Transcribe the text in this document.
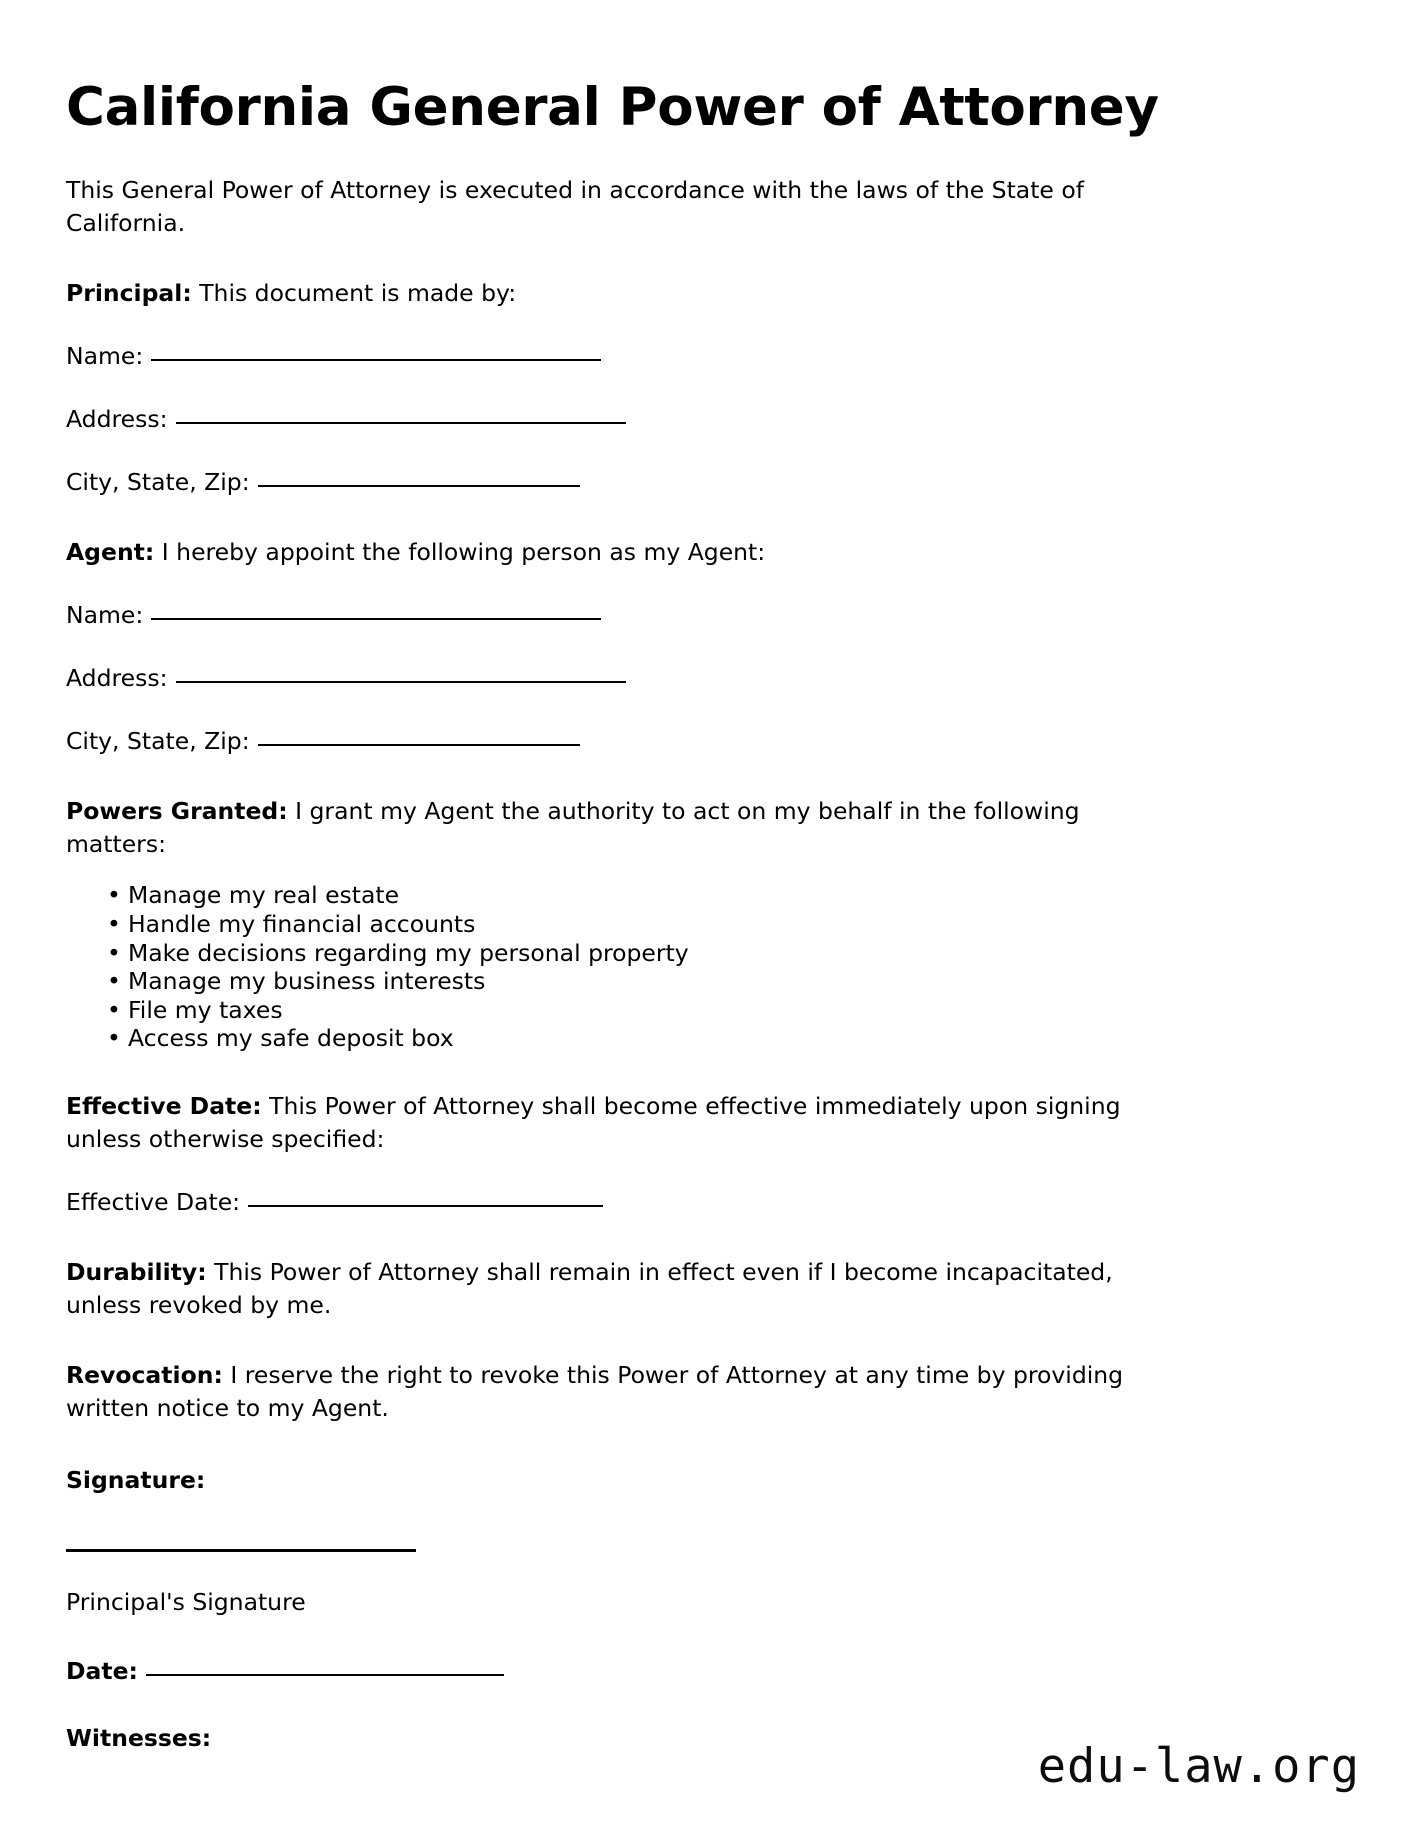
California General Power of Attorney

This General Power of Attorney is executed in accordance with the laws of the State of California.

Principal: This document is made by:

Name:

Address:

City, State, Zip:

Agent: I hereby appoint the following person as my Agent:

Name:

Address:

City, State, Zip:

Powers Granted: I grant my Agent the authority to act on my behalf in the following matters:

• Manage my real estate
• Handle my financial accounts
• Make decisions regarding my personal property
• Manage my business interests
• File my taxes
• Access my safe deposit box

Effective Date: This Power of Attorney shall become effective immediately upon signing unless otherwise specified:

Effective Date:

Durability: This Power of Attorney shall remain in effect even if I become incapacitated, unless revoked by me.

Revocation: I reserve the right to revoke this Power of Attorney at any time by providing written notice to my Agent.

Signature:

Principal's Signature

Date:

Witnesses:

edu-law.org
